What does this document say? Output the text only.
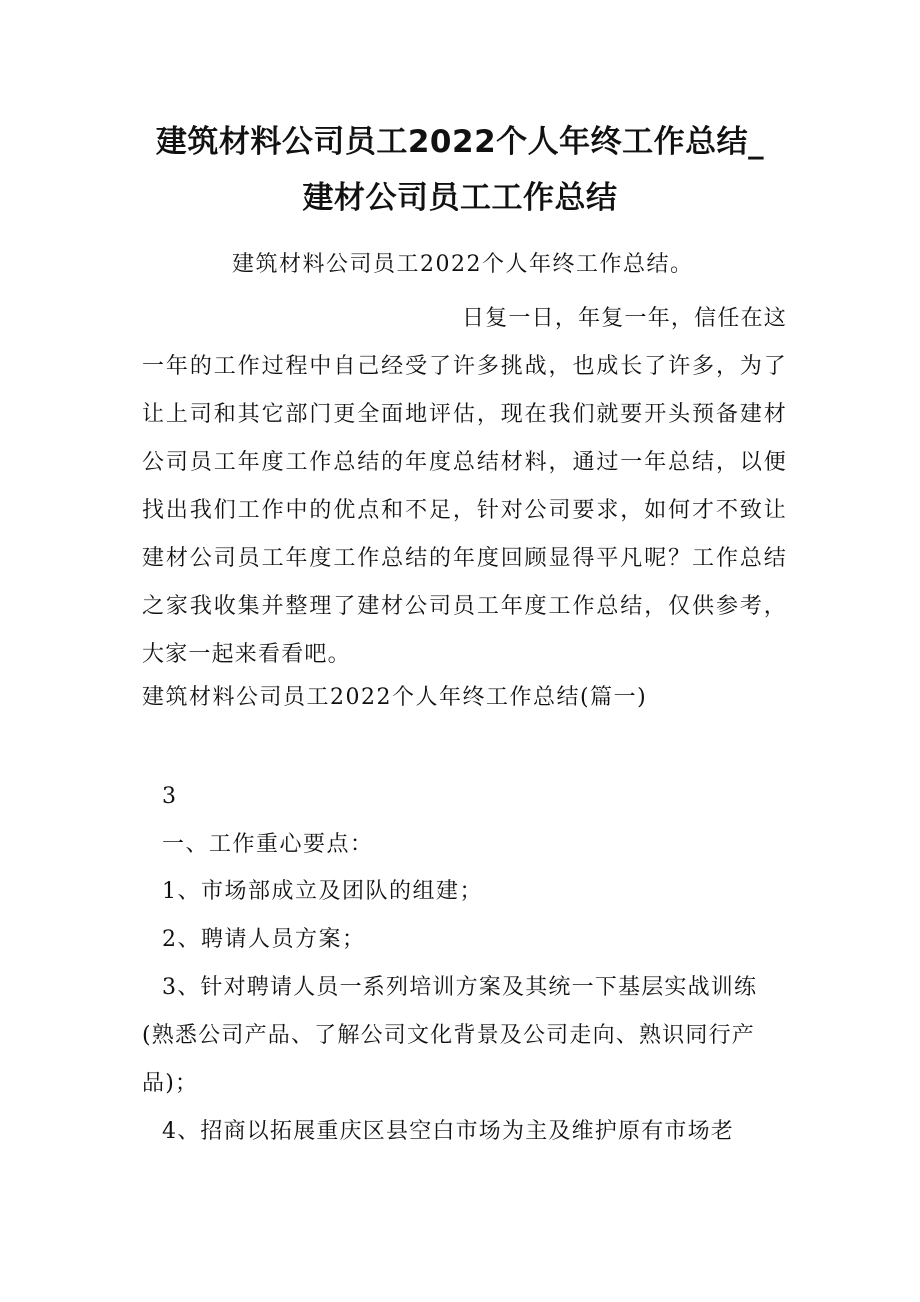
建筑材料公司员工2022个人年终工作总结_
建材公司员工工作总结
建筑材料公司员工2022个人年终工作总结。
日复一日，年复一年，信任在这一年的工作过程中自己经受了许多挑战，也成长了许多，为了让上司和其它部门更全面地评估，现在我们就要开头预备建材公司员工年度工作总结的年度总结材料，通过一年总结，以便找出我们工作中的优点和不足，针对公司要求，如何才不致让建材公司员工年度工作总结的年度回顾显得平凡呢？工作总结之家我收集并整理了建材公司员工年度工作总结，仅供参考，大家一起来看看吧。
建筑材料公司员工2022个人年终工作总结(篇一)
3
一、工作重心要点：
1、市场部成立及团队的组建；
2、聘请人员方案；
3、针对聘请人员一系列培训方案及其统一下基层实战训练(熟悉公司产品、了解公司文化背景及公司走向、熟识同行产品)；
4、招商以拓展重庆区县空白市场为主及维护原有市场老
